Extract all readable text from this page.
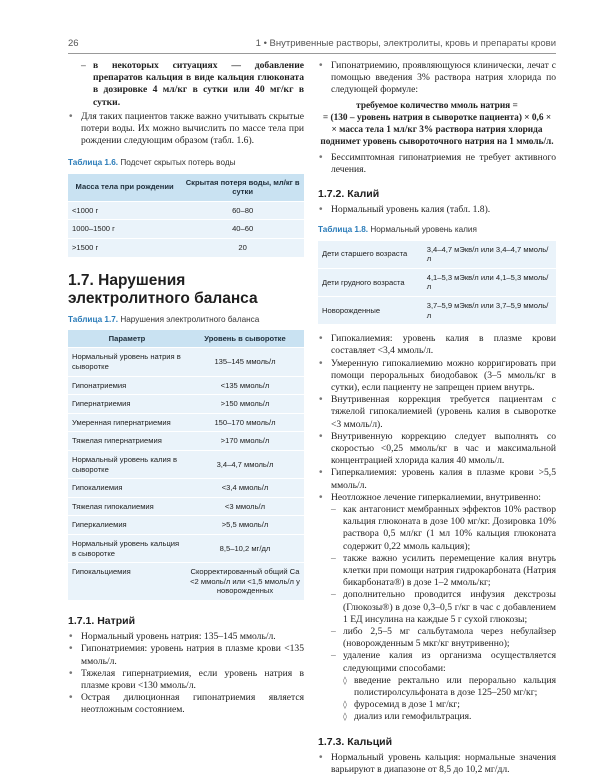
26	1 • Внутривенные растворы, электролиты, кровь и препараты крови
– в некоторых ситуациях — добавление препаратов кальция в виде кальция глюконата в дозировке 4 мл/кг в сутки или 40 мг/кг в сутки.
• Для таких пациентов также важно учитывать скрытые потери воды. Их можно вычислить по массе тела при рождении следующим образом (табл. 1.6).
Таблица 1.6. Подсчет скрытых потерь воды
Масса тела при рождении	Скрытая потеря воды, мл/кг в сутки
<1000 г	60–80
1000–1500 г	40–60
>1500 г	20
1.7. Нарушения электролитного баланса
Таблица 1.7. Нарушения электролитного баланса
Параметр	Уровень в сыворотке
Нормальный уровень натрия в сыворотке	135–145 ммоль/л
Гипонатриемия	<135 ммоль/л
Гипернатриемия	>150 ммоль/л
Умеренная гипернатриемия	150–170 ммоль/л
Тяжелая гипернатриемия	>170 ммоль/л
Нормальный уровень калия в сыворотке	3,4–4,7 ммоль/л
Гипокалиемия	<3,4 ммоль/л
Тяжелая гипокалиемия	<3 ммоль/л
Гиперкалиемия	>5,5 ммоль/л
Нормальный уровень кальция в сыворотке	8,5–10,2 мг/дл
Гипокальциемия	Скорректированный общий Са <2 ммоль/л или <1,5 ммоль/л у новорожденных
1.7.1. Натрий
• Нормальный уровень натрия: 135–145 ммоль/л.
• Гипонатриемия: уровень натрия в плазме крови <135 ммоль/л.
• Тяжелая гипернатриемия, если уровень натрия в плазме крови <130 ммоль/л.
• Острая дилюционная гипонатриемия является неотложным состоянием.
• Гипонатриемию, проявляющуюся клинически, лечат с помощью введения 3% раствора натрия хлорида по следующей формуле:
требуемое количество ммоль натрия =
= (130 – уровень натрия в сыворотке пациента) × 0,6 ×
× масса тела 1 мл/кг 3% раствора натрия хлорида
поднимет уровень сывороточного натрия на 1 ммоль/л.
• Бессимптомная гипонатриемия не требует активного лечения.
1.7.2. Калий
• Нормальный уровень калия (табл. 1.8).
Таблица 1.8. Нормальный уровень калия
Дети старшего возраста	3,4–4,7 мЭкв/л или 3,4–4,7 ммоль/л
Дети грудного возраста	4,1–5,3 мЭкв/л или 4,1–5,3 ммоль/л
Новорожденные	3,7–5,9 мЭкв/л или 3,7–5,9 ммоль/л
• Гипокалиемия: уровень калия в плазме крови составляет <3,4 ммоль/л.
• Умеренную гипокалиемию можно корригировать при помощи пероральных биодобавок (3–5 ммоль/кг в сутки), если пациенту не запрещен прием внутрь.
• Внутривенная коррекция требуется пациентам с тяжелой гипокалиемией (уровень калия в сыворотке <3 ммоль/л).
• Внутривенную коррекцию следует выполнять со скоростью <0,25 ммоль/кг в час и максимальной концентрацией хлорида калия 40 ммоль/л.
• Гиперкалиемия: уровень калия в плазме крови >5,5 ммоль/л.
• Неотложное лечение гиперкалиемии, внутривенно:
– как антагонист мембранных эффектов 10% раствор кальция глюконата в дозе 100 мг/кг. Дозировка 10% раствора 0,5 мл/кг (1 мл 10% кальция глюконата содержит 0,22 ммоль кальция);
– также важно усилить перемещение калия внутрь клетки при помощи натрия гидрокарбоната (Натрия бикарбоната®) в дозе 1–2 ммоль/кг;
– дополнительно проводится инфузия декстрозы (Глюкозы®) в дозе 0,3–0,5 г/кг в час с добавлением 1 ЕД инсулина на каждые 5 г сухой глюкозы;
– либо 2,5–5 мг сальбутамола через небулайзер (новорожденным 5 мкг/кг внутривенно);
– удаление калия из организма осуществляется следующими способами:
◊ введение ректально или перорально кальция полистиролсульфоната в дозе 125–250 мг/кг;
◊ фуросемид в дозе 1 мг/кг;
◊ диализ или гемофильтрация.
1.7.3. Кальций
• Нормальный уровень кальция: нормальные значения варьируют в диапазоне от 8,5 до 10,2 мг/дл.
